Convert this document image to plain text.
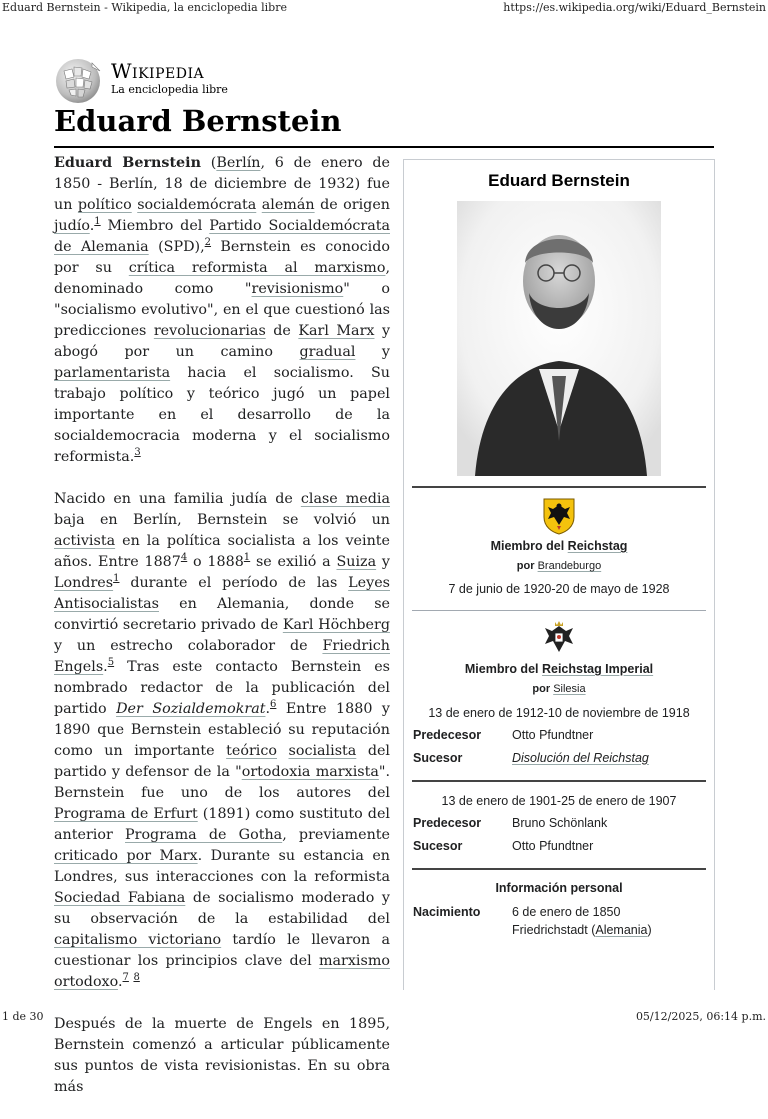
Eduard Bernstein - Wikipedia, la enciclopedia libre	https://es.wikipedia.org/wiki/Eduard_Bernstein
1 de 30	05/12/2025, 06:14 p.m.
Wikipedia
La enciclopedia libre
Eduard Bernstein

Eduard Bernstein (Berlín, 6 de enero de 1850 - Berlín, 18 de diciembre de 1932) fue un político socialdemócrata alemán de origen judío.$^1$ Miembro del Partido Socialdemócrata de Alemania (SPD),$^2$ Bernstein es conocido por su crítica reformista al marxismo, denominado como "revisionismo" o "socialismo evolutivo", en el que cuestionó las predicciones revolucionarias de Karl Marx y abogó por un camino gradual y parlamentarista hacia el socialismo. Su trabajo político y teórico jugó un papel importante en el desarrollo de la socialdemocracia moderna y el socialismo reformista.$^3$

Nacido en una familia judía de clase media baja en Berlín, Bernstein se volvió un activista en la política socialista a los veinte años. Entre 1887$^4$ o 1888$^1$ se exilió a Suiza y Londres$^1$ durante el período de las Leyes Antisocialistas en Alemania, donde se convirtió secretario privado de Karl Höchberg y un estrecho colaborador de Friedrich Engels.$^5$ Tras este contacto Bernstein es nombrado redactor de la publicación del partido Der Sozialdemokrat.$^6$ Entre 1880 y 1890 que Bernstein estableció su reputación como un importante teórico socialista del partido y defensor de la "ortodoxia marxista". Bernstein fue uno de los autores del Programa de Erfurt (1891) como sustituto del anterior Programa de Gotha, previamente criticado por Marx. Durante su estancia en Londres, sus interacciones con la reformista Sociedad Fabiana de socialismo moderado y su observación de la estabilidad del capitalismo victoriano tardío le llevaron a cuestionar los principios clave del marxismo ortodoxo.$^7$ $^8$

Después de la muerte de Engels en 1895, Bernstein comenzó a articular públicamente sus puntos de vista revisionistas. En su obra más

Eduard Bernstein
Miembro del Reichstag
por Brandeburgo
7 de junio de 1920-20 de mayo de 1928
Miembro del Reichstag Imperial
por Silesia
13 de enero de 1912-10 de noviembre de 1918
Predecesor Otto Pfundtner
Sucesor	Disolución del Reichstag
13 de enero de 1901-25 de enero de 1907
Predecesor Bruno Schönlank
Sucesor	Otto Pfundtner
Información personal
Nacimiento	6 de enero de 1850
Friedrichstadt (Alemania)
